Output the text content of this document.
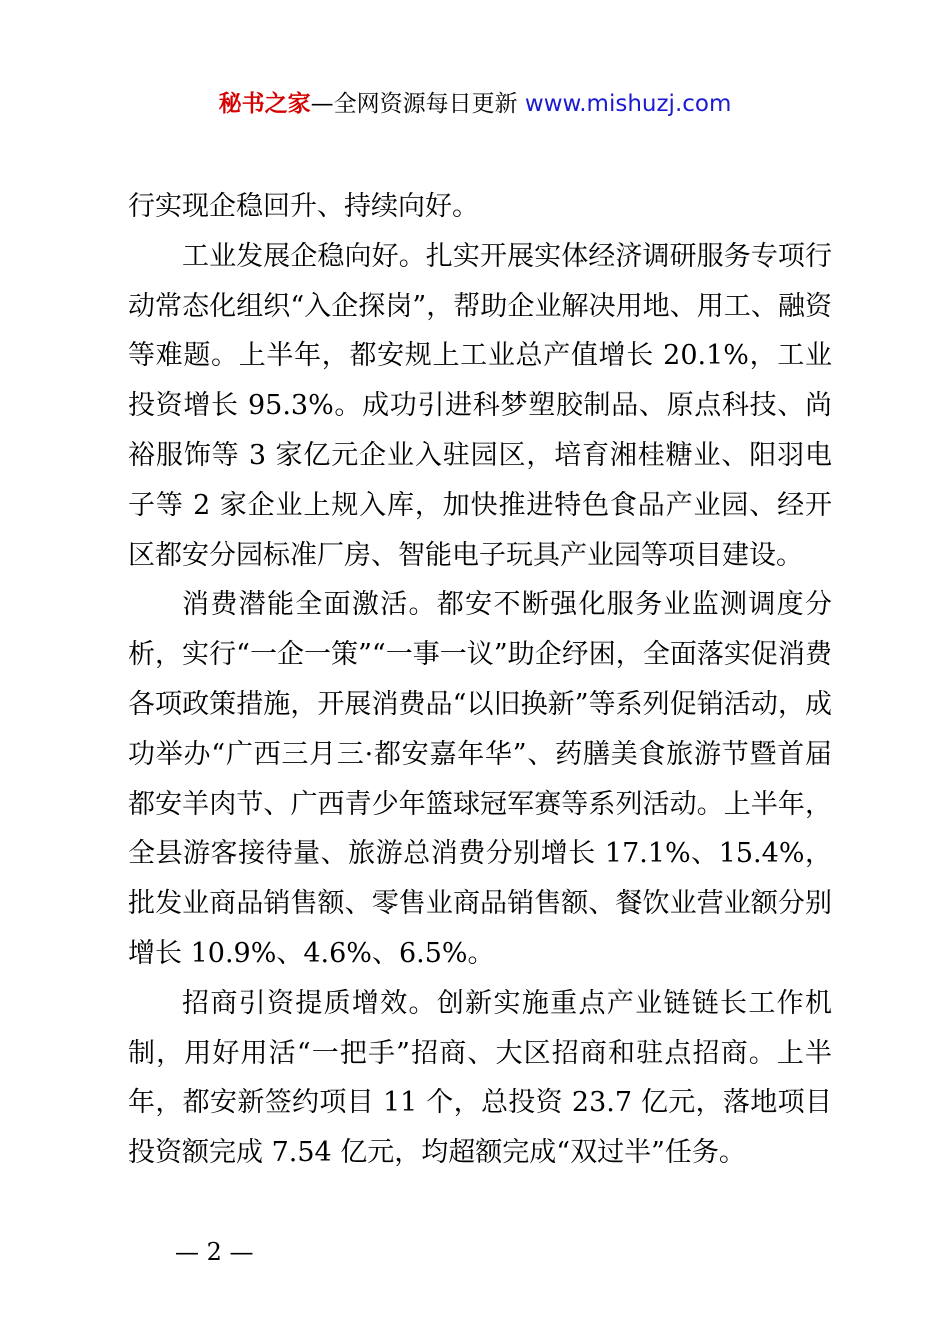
秘书之家—全网资源每日更新 www.mishuzj.com

行实现企稳回升、持续向好。

工业发展企稳向好。扎实开展实体经济调研服务专项行动常态化组织“入企探岗”，帮助企业解决用地、用工、融资等难题。上半年，都安规上工业总产值增长 20.1%，工业投资增长 95.3%。成功引进科梦塑胶制品、原点科技、尚裕服饰等 3 家亿元企业入驻园区，培育湘桂糖业、阳羽电子等 2 家企业上规入库，加快推进特色食品产业园、经开区都安分园标准厂房、智能电子玩具产业园等项目建设。

消费潜能全面激活。都安不断强化服务业监测调度分析，实行“一企一策”“一事一议”助企纾困，全面落实促消费各项政策措施，开展消费品“以旧换新”等系列促销活动，成功举办“广西三月三·都安嘉年华”、药膳美食旅游节暨首届都安羊肉节、广西青少年篮球冠军赛等系列活动。上半年，全县游客接待量、旅游总消费分别增长 17.1%、15.4%，批发业商品销售额、零售业商品销售额、餐饮业营业额分别增长 10.9%、4.6%、6.5%。

招商引资提质增效。创新实施重点产业链链长工作机制，用好用活“一把手”招商、大区招商和驻点招商。上半年，都安新签约项目 11 个，总投资 23.7 亿元，落地项目投资额完成 7.54 亿元，均超额完成“双过半”任务。

— 2 —
